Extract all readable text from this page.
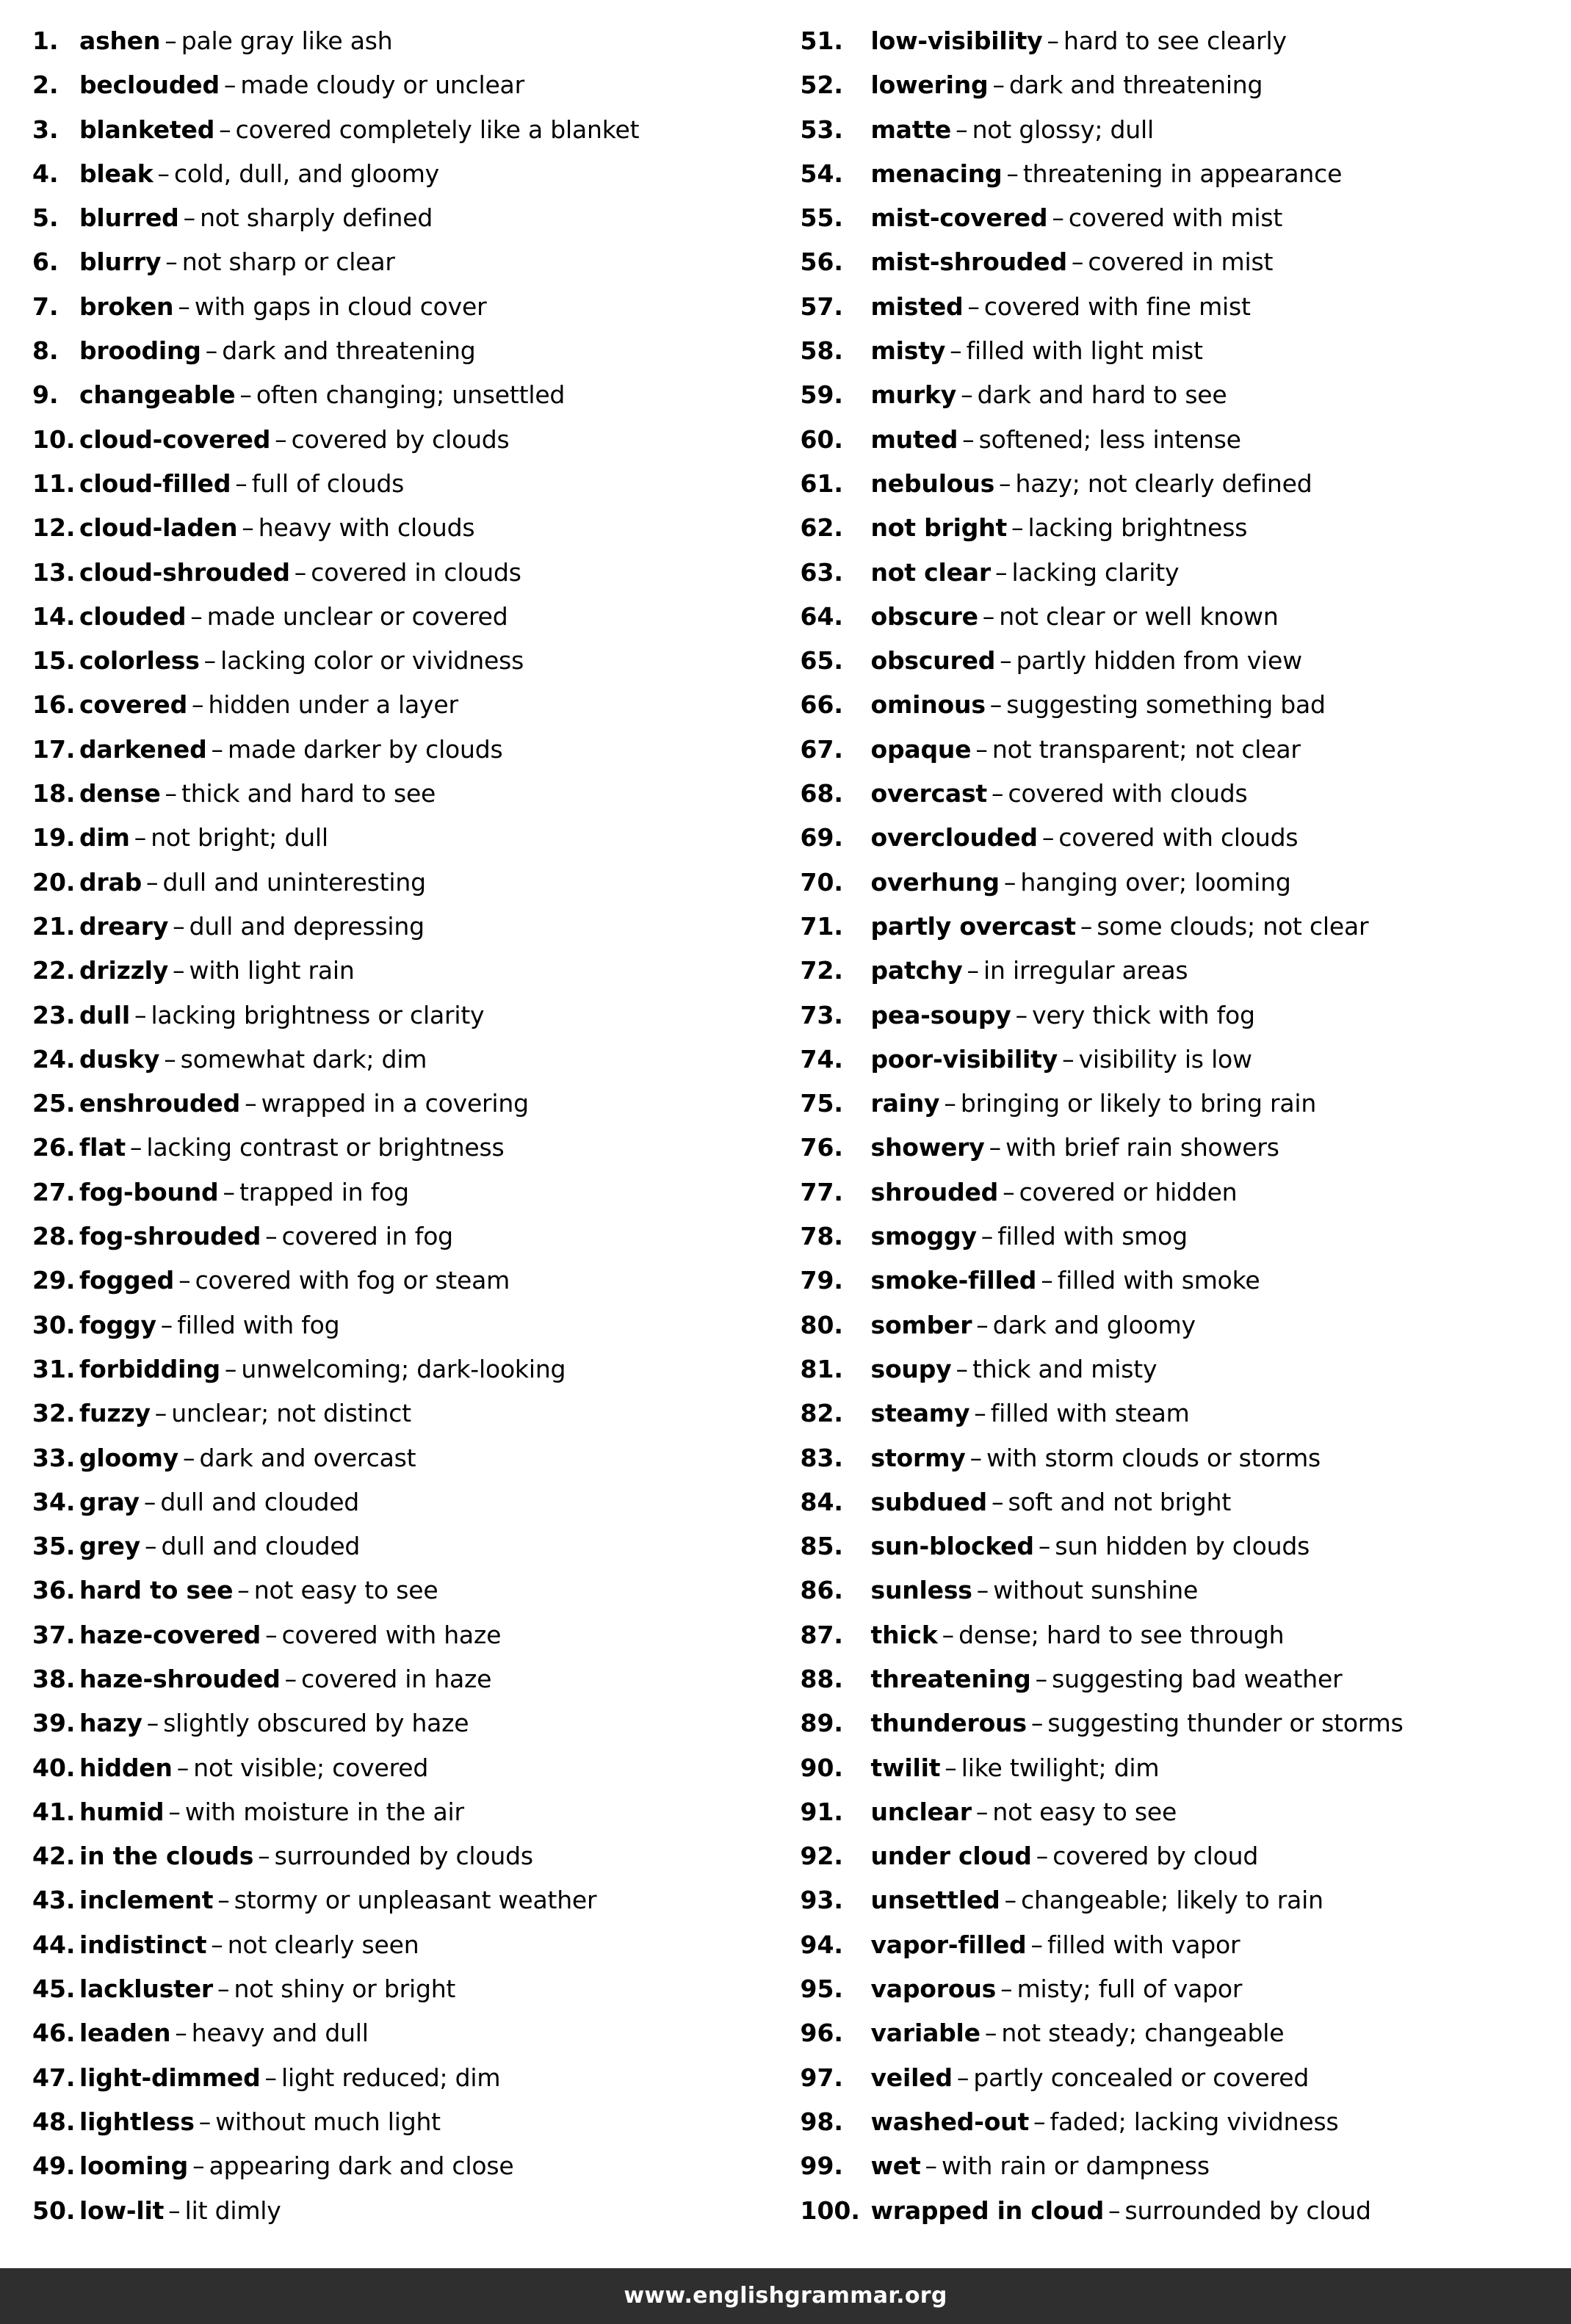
1. ashen – pale gray like ash
2. beclouded – made cloudy or unclear
3. blanketed – covered completely like a blanket
4. bleak – cold, dull, and gloomy
5. blurred – not sharply defined
6. blurry – not sharp or clear
7. broken – with gaps in cloud cover
8. brooding – dark and threatening
9. changeable – often changing; unsettled
10. cloud-covered – covered by clouds
11. cloud-filled – full of clouds
12. cloud-laden – heavy with clouds
13. cloud-shrouded – covered in clouds
14. clouded – made unclear or covered
15. colorless – lacking color or vividness
16. covered – hidden under a layer
17. darkened – made darker by clouds
18. dense – thick and hard to see
19. dim – not bright; dull
20. drab – dull and uninteresting
21. dreary – dull and depressing
22. drizzly – with light rain
23. dull – lacking brightness or clarity
24. dusky – somewhat dark; dim
25. enshrouded – wrapped in a covering
26. flat – lacking contrast or brightness
27. fog-bound – trapped in fog
28. fog-shrouded – covered in fog
29. fogged – covered with fog or steam
30. foggy – filled with fog
31. forbidding – unwelcoming; dark-looking
32. fuzzy – unclear; not distinct
33. gloomy – dark and overcast
34. gray – dull and clouded
35. grey – dull and clouded
36. hard to see – not easy to see
37. haze-covered – covered with haze
38. haze-shrouded – covered in haze
39. hazy – slightly obscured by haze
40. hidden – not visible; covered
41. humid – with moisture in the air
42. in the clouds – surrounded by clouds
43. inclement – stormy or unpleasant weather
44. indistinct – not clearly seen
45. lackluster – not shiny or bright
46. leaden – heavy and dull
47. light-dimmed – light reduced; dim
48. lightless – without much light
49. looming – appearing dark and close
50. low-lit – lit dimly
51.	low-visibility – hard to see clearly
52.	lowering – dark and threatening
53.	matte – not glossy; dull
54.	menacing – threatening in appearance
55.	mist-covered – covered with mist
56.	mist-shrouded – covered in mist
57.	misted – covered with fine mist
58.	misty – filled with light mist
59.	murky – dark and hard to see
60.	muted – softened; less intense
61.	nebulous – hazy; not clearly defined
62.	not bright – lacking brightness
63.	not clear – lacking clarity
64.	obscure – not clear or well known
65.	obscured – partly hidden from view
66.	ominous – suggesting something bad
67.	opaque – not transparent; not clear
68.	overcast – covered with clouds
69.	overclouded – covered with clouds
70.	overhung – hanging over; looming
71.	partly overcast – some clouds; not clear
72.	patchy – in irregular areas
73.	pea-soupy – very thick with fog
74.	poor-visibility – visibility is low
75.	rainy – bringing or likely to bring rain
76.	showery – with brief rain showers
77.	shrouded – covered or hidden
78.	smoggy – filled with smog
79.	smoke-filled – filled with smoke
80.	somber – dark and gloomy
81.	soupy – thick and misty
82.	steamy – filled with steam
83.	stormy – with storm clouds or storms
84.	subdued – soft and not bright
85.	sun-blocked – sun hidden by clouds
86.	sunless – without sunshine
87.	thick – dense; hard to see through
88.	threatening – suggesting bad weather
89.	thunderous – suggesting thunder or storms
90.	twilit – like twilight; dim
91.	unclear – not easy to see
92.	under cloud – covered by cloud
93.	unsettled – changeable; likely to rain
94.	vapor-filled – filled with vapor
95.	vaporous – misty; full of vapor
96.	variable – not steady; changeable
97.	veiled – partly concealed or covered
98.	washed-out – faded; lacking vividness
99.	wet – with rain or dampness
100. wrapped in cloud – surrounded by cloud
www.englishgrammar.org
